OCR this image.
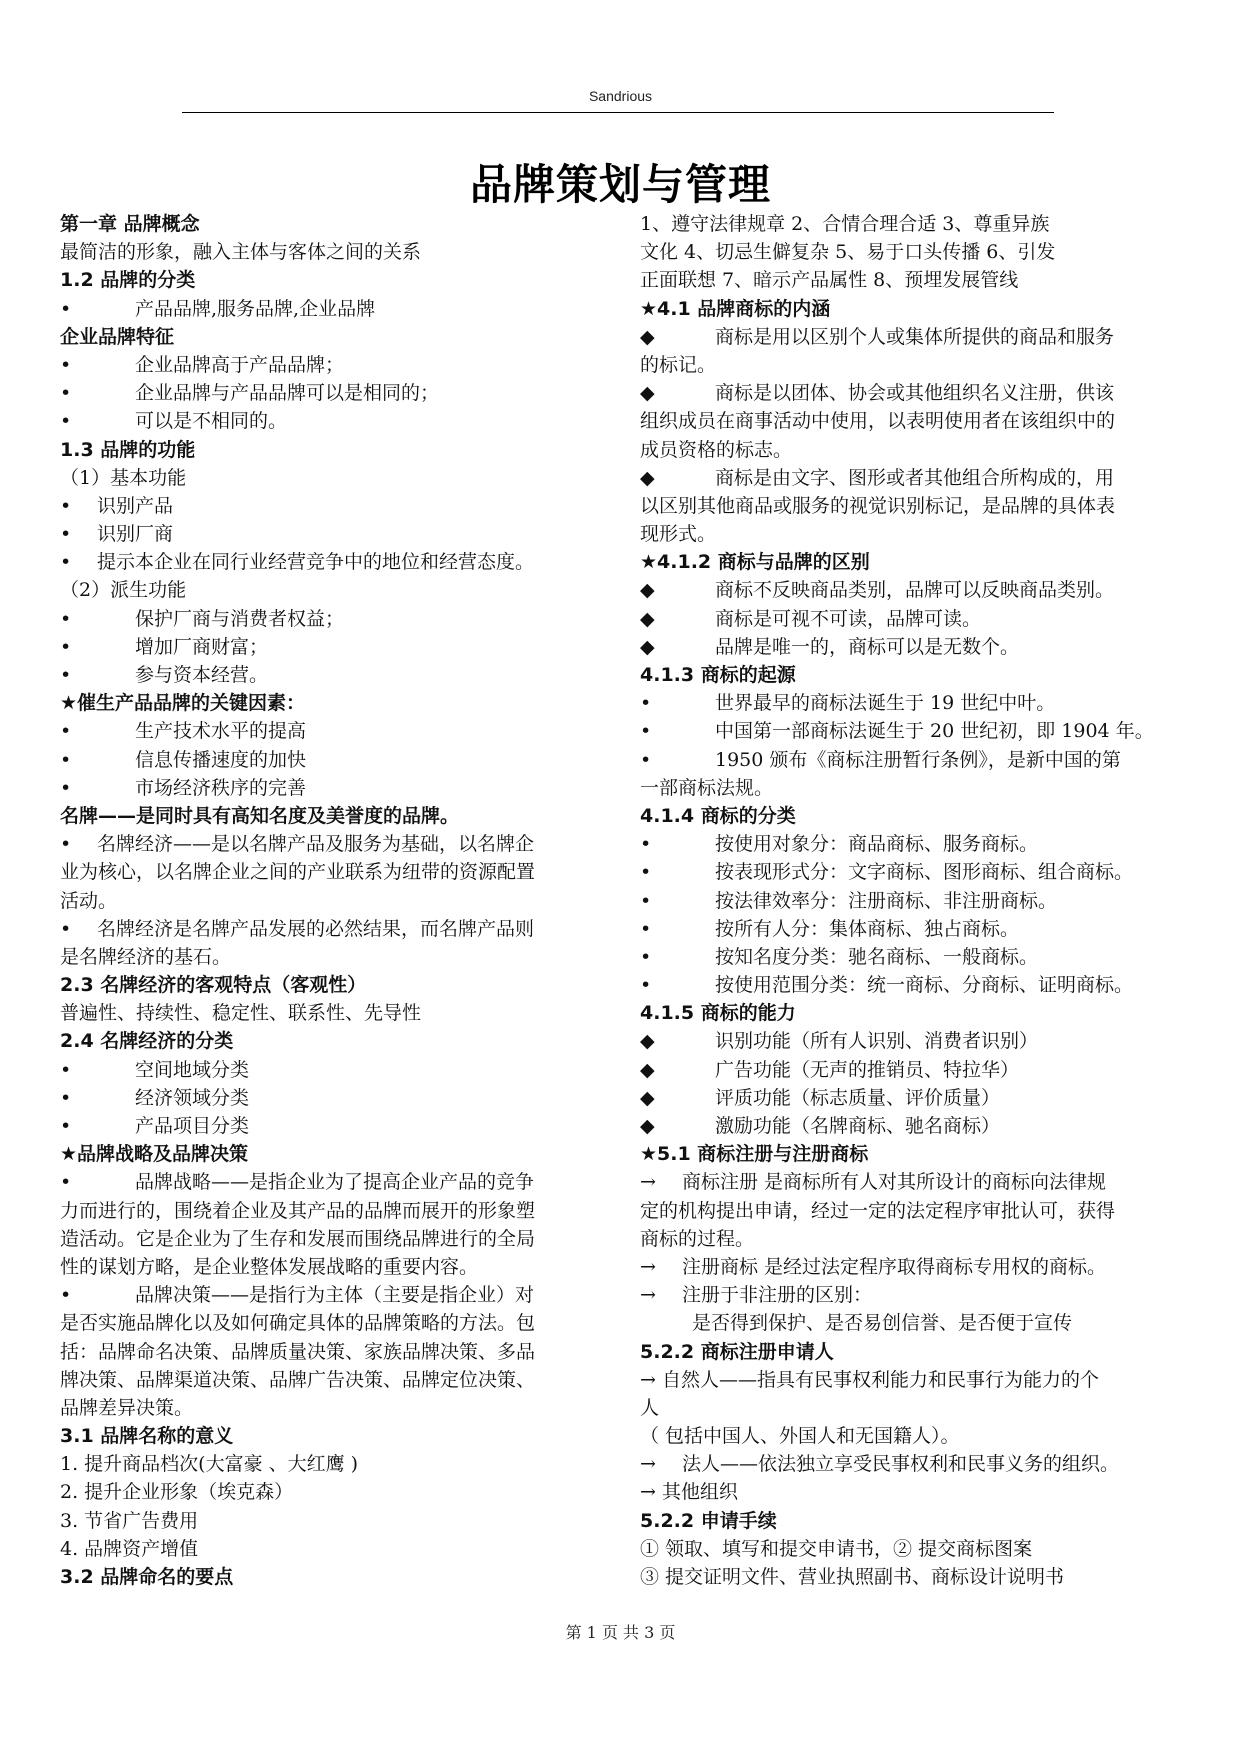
Sandrious
品牌策划与管理
第一章 品牌概念
最简洁的形象，融入主体与客体之间的关系
1.2 品牌的分类
•	产品品牌,服务品牌,企业品牌
企业品牌特征
•	企业品牌高于产品品牌；
•	企业品牌与产品品牌可以是相同的；
•	可以是不相同的。
1.3 品牌的功能
（1）基本功能
• 识别产品
• 识别厂商
• 提示本企业在同行业经营竞争中的地位和经营态度。
（2）派生功能
•	保护厂商与消费者权益；
•	增加厂商财富；
•	参与资本经营。
★催生产品品牌的关键因素：
•	生产技术水平的提高
•	信息传播速度的加快
•	市场经济秩序的完善
名牌——是同时具有高知名度及美誉度的品牌。
• 名牌经济——是以名牌产品及服务为基础，以名牌企
业为核心，以名牌企业之间的产业联系为纽带的资源配置
活动。
• 名牌经济是名牌产品发展的必然结果，而名牌产品则
是名牌经济的基石。
2.3 名牌经济的客观特点（客观性）
普遍性、持续性、稳定性、联系性、先导性
2.4 名牌经济的分类
•	空间地域分类
•	经济领域分类
•	产品项目分类
★品牌战略及品牌决策
•	品牌战略——是指企业为了提高企业产品的竞争
力而进行的，围绕着企业及其产品的品牌而展开的形象塑
造活动。它是企业为了生存和发展而围绕品牌进行的全局
性的谋划方略，是企业整体发展战略的重要内容。
•	品牌决策——是指行为主体（主要是指企业）对
是否实施品牌化以及如何确定具体的品牌策略的方法。包
括：品牌命名决策、品牌质量决策、家族品牌决策、多品
牌决策、品牌渠道决策、品牌广告决策、品牌定位决策、
品牌差异决策。
3.1 品牌名称的意义
1. 提升商品档次(大富豪 、大红鹰 )
2. 提升企业形象（埃克森）
3. 节省广告费用
4. 品牌资产增值
3.2 品牌命名的要点
1、遵守法律规章 2、合情合理合适 3、尊重异族
文化 4、切忌生僻复杂 5、易于口头传播 6、引发
正面联想 7、暗示产品属性 8、预埋发展管线
★4.1 品牌商标的内涵
◆	商标是用以区别个人或集体所提供的商品和服务
的标记。
◆	商标是以团体、协会或其他组织名义注册，供该
组织成员在商事活动中使用，以表明使用者在该组织中的
成员资格的标志。
◆	商标是由文字、图形或者其他组合所构成的，用
以区别其他商品或服务的视觉识别标记，是品牌的具体表
现形式。
★4.1.2 商标与品牌的区别
◆	商标不反映商品类别，品牌可以反映商品类别。
◆	商标是可视不可读，品牌可读。
◆	品牌是唯一的，商标可以是无数个。
4.1.3 商标的起源
•	世界最早的商标法诞生于 19 世纪中叶。
•	中国第一部商标法诞生于 20 世纪初，即 1904 年。
•	1950 颁布《商标注册暂行条例》，是新中国的第
一部商标法规。
4.1.4 商标的分类
•	按使用对象分：商品商标、服务商标。
•	按表现形式分：文字商标、图形商标、组合商标。
•	按法律效率分：注册商标、非注册商标。
•	按所有人分：集体商标、独占商标。
•	按知名度分类：驰名商标、一般商标。
•	按使用范围分类：统一商标、分商标、证明商标。
4.1.5 商标的能力
◆	识别功能（所有人识别、消费者识别）
◆	广告功能（无声的推销员、特拉华）
◆	评质功能（标志质量、评价质量）
◆	激励功能（名牌商标、驰名商标）
★5.1 商标注册与注册商标
→ 商标注册 是商标所有人对其所设计的商标向法律规
定的机构提出申请，经过一定的法定程序审批认可，获得
商标的过程。
→ 注册商标 是经过法定程序取得商标专用权的商标。
→ 注册于非注册的区别：
是否得到保护、是否易创信誉、是否便于宣传
5.2.2 商标注册申请人
→ 自然人——指具有民事权利能力和民事行为能力的个
人
（ 包括中国人、外国人和无国籍人）。
→ 法人——依法独立享受民事权利和民事义务的组织。
→ 其他组织
5.2.2 申请手续
① 领取、填写和提交申请书，② 提交商标图案
③ 提交证明文件、营业执照副书、商标设计说明书
第 1 页 共 3 页
